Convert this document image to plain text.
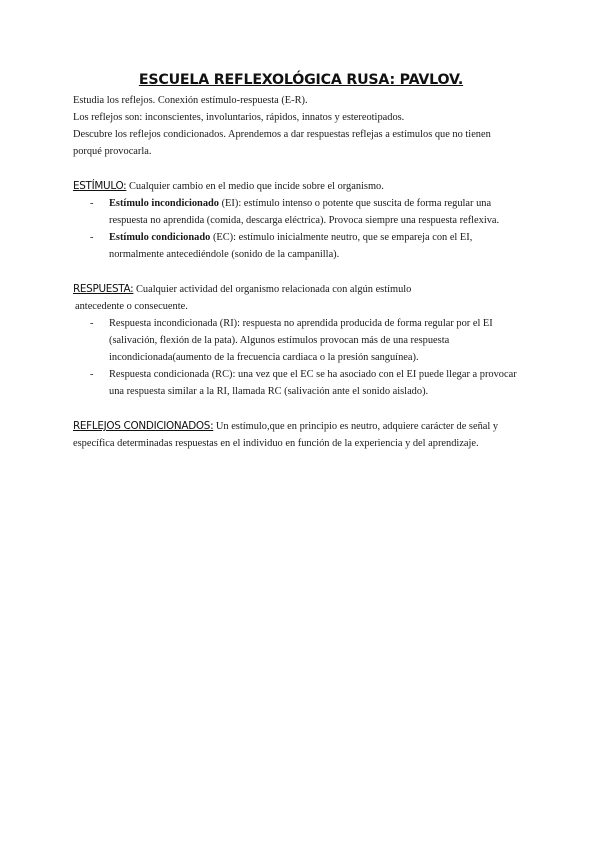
ESCUELA REFLEXOLÓGICA RUSA: PAVLOV.

Estudia los reflejos. Conexión estímulo-respuesta (E-R).

Los reflejos son: inconscientes, involuntarios, rápidos, innatos y estereotipados.

Descubre los reflejos condicionados. Aprendemos a dar respuestas reflejas a estímulos que no tienen

porqué provocarla.

ESTÍMULO: Cualquier cambio en el medio que incide sobre el organismo.

- Estímulo incondicionado (EI): estímulo intenso o potente que suscita de forma regular una

respuesta no aprendida (comida, descarga eléctrica). Provoca siempre una respuesta reflexiva.

- Estímulo condicionado (EC): estímulo inicialmente neutro, que se empareja con el EI,

normalmente antecediéndole (sonido de la campanilla).

RESPUESTA: Cualquier actividad del organismo relacionada con algún estímulo

antecedente o consecuente.

- Respuesta incondicionada (RI): respuesta no aprendida producida de forma regular por el EI

(salivación, flexión de la pata). Algunos estímulos provocan más de una respuesta

incondicionada(aumento de la frecuencia cardiaca o la presión sanguínea).

- Respuesta condicionada (RC): una vez que el EC se ha asociado con el EI puede llegar a provocar

una respuesta similar a la RI, llamada RC (salivación ante el sonido aislado).

REFLEJOS CONDICIONADOS: Un estímulo,que en principio es neutro, adquiere carácter de señal y

específica determinadas respuestas en el individuo en función de la experiencia y del aprendizaje.
